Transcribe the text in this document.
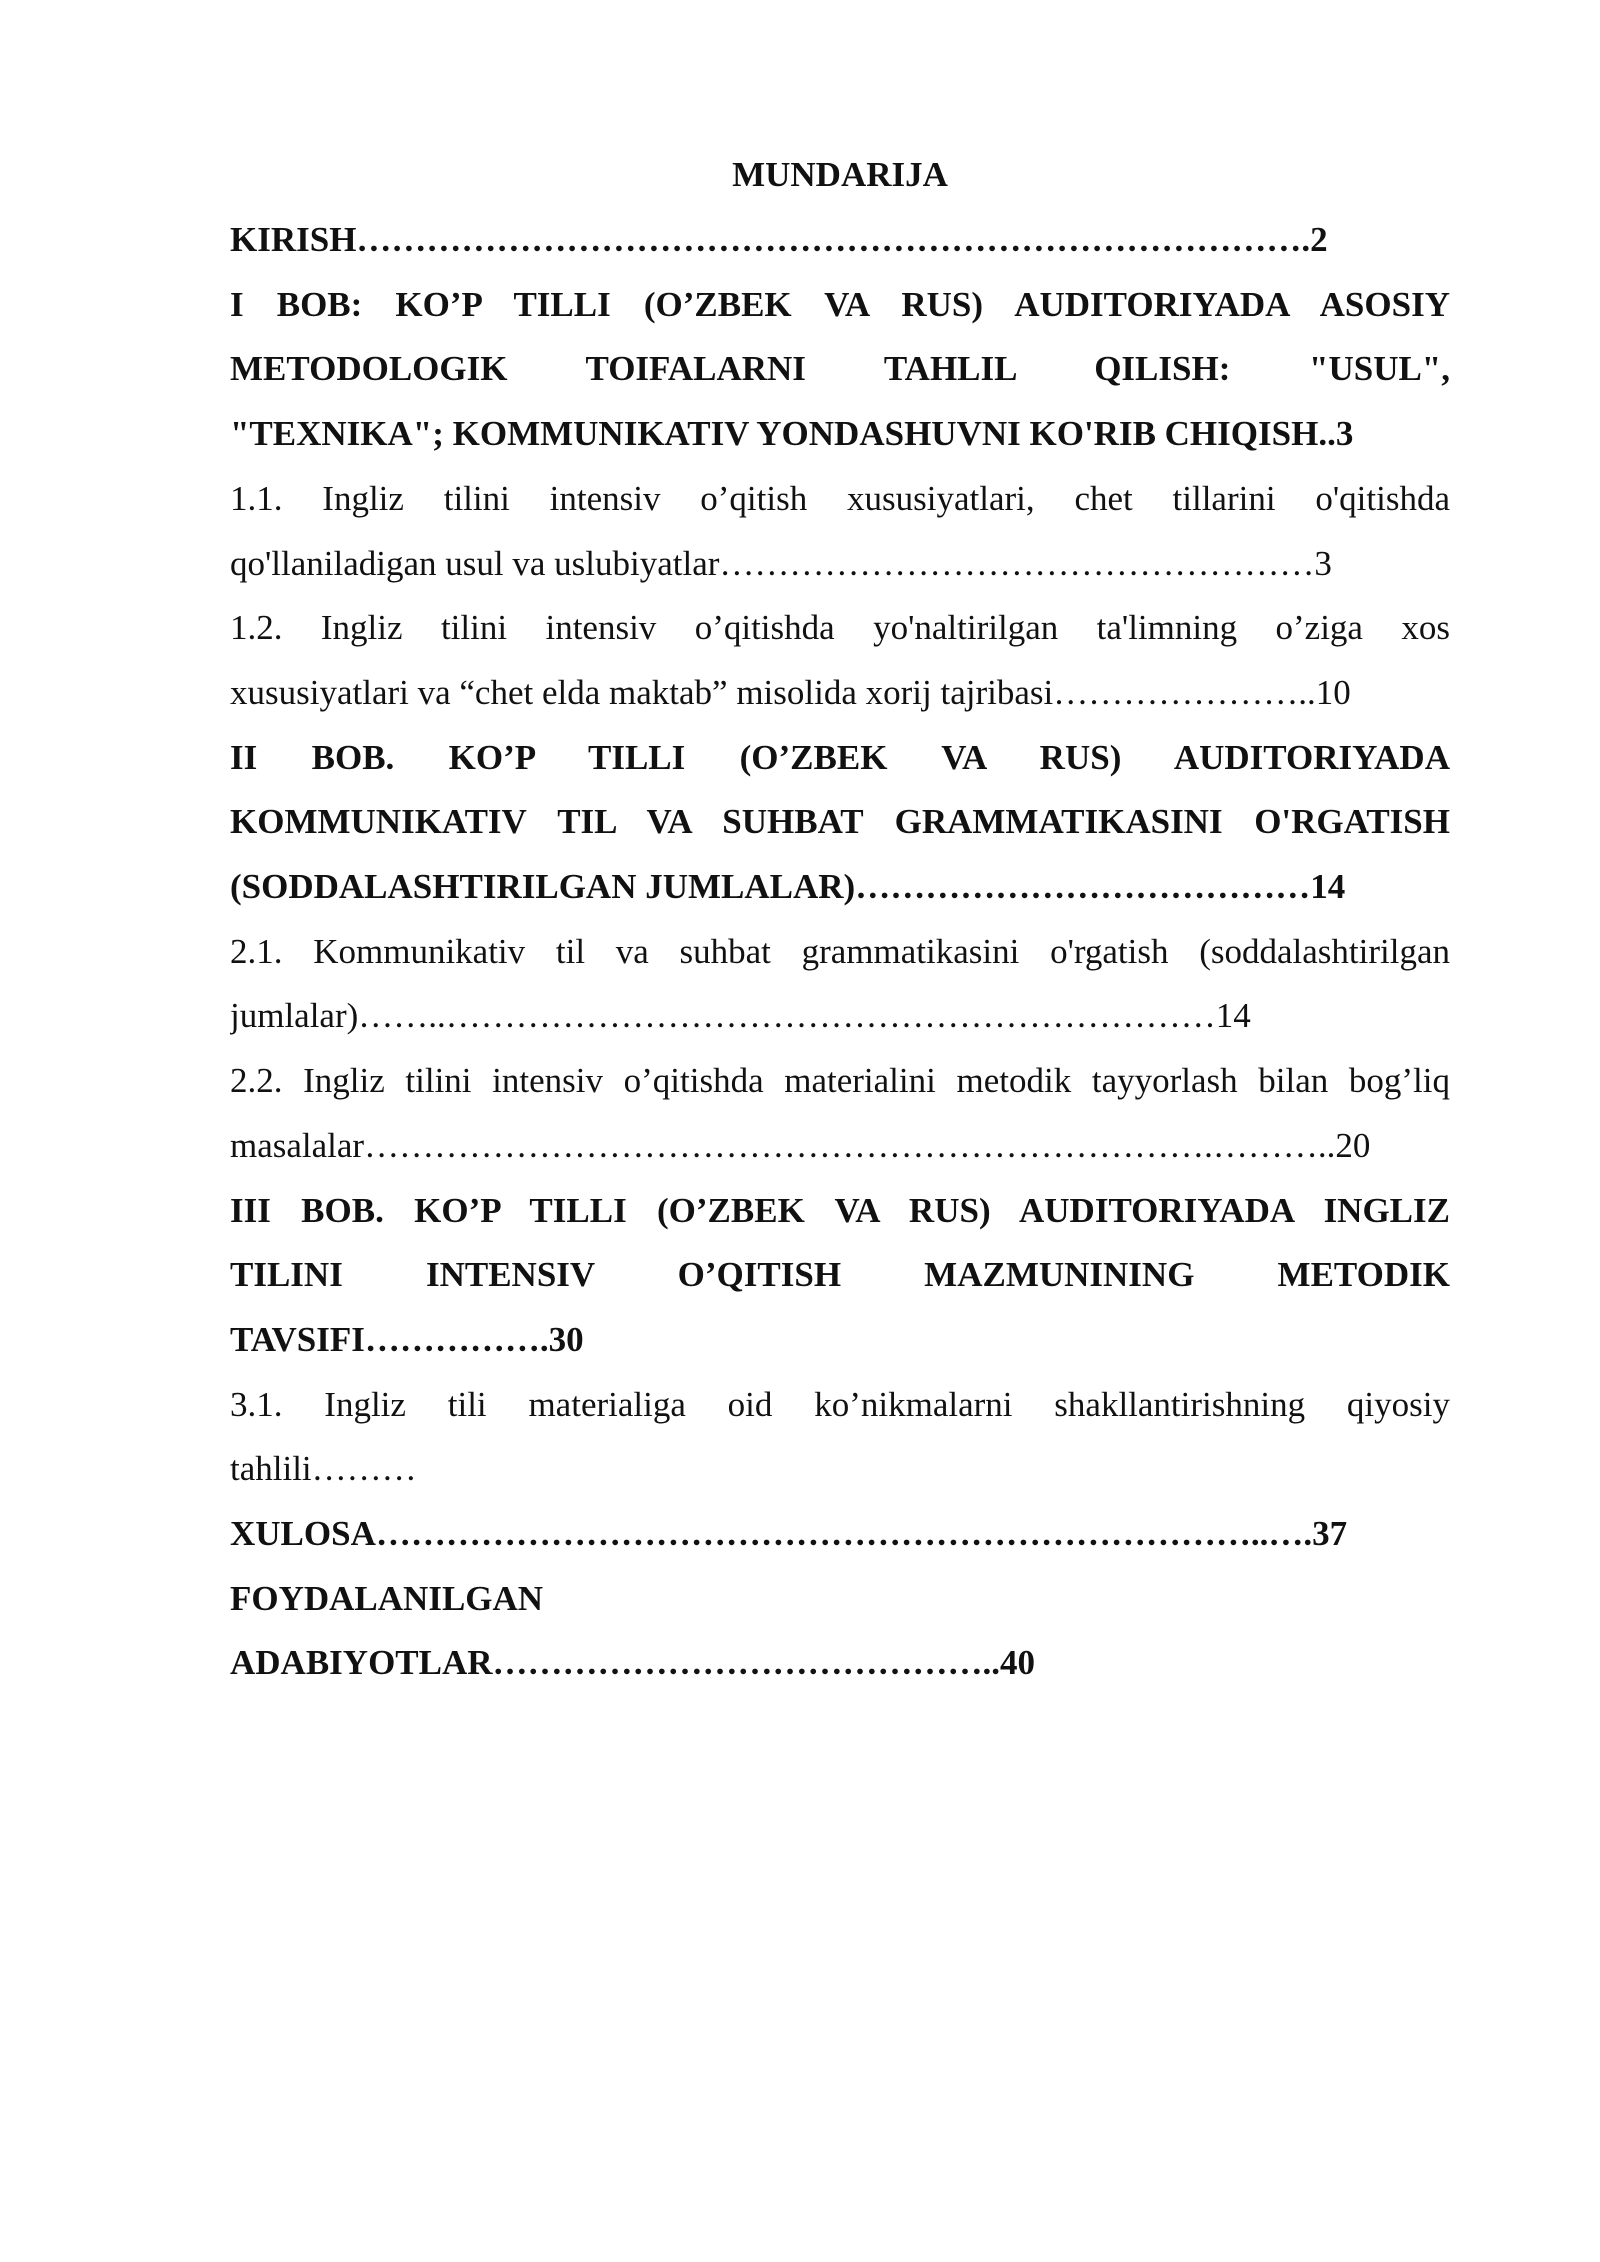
MUNDARIJA
KIRISH……………………………………………………………………….2
I BOB: KO’P TILLI (O’ZBEK VA RUS) AUDITORIYADA ASOSIY
METODOLOGIK TOIFALARNI TAHLIL QILISH: "USUL",
"TEXNIKA"; KOMMUNIKATIV YONDASHUVNI KO'RIB CHIQISH..3
1.1. Ingliz tilini intensiv o’qitish xususiyatlari, chet tillarini o'qitishda
qo'llaniladigan usul va uslubiyatlar……………………………………………3
1.2. Ingliz tilini intensiv o’qitishda yo'naltirilgan ta'limning o’ziga xos
xususiyatlari va “chet elda maktab” misolida xorij tajribasi…………………..10
II BOB. KO’P TILLI (O’ZBEK VA RUS) AUDITORIYADA
KOMMUNIKATIV TIL VA SUHBAT GRAMMATIKASINI O'RGATISH
(SODDALASHTIRILGAN JUMLALAR)…………………………………14
2.1. Kommunikativ til va suhbat grammatikasini o'rgatish (soddalashtirilgan
jumlalar)……..…………………………………………………………14
2.2. Ingliz tilini intensiv o’qitishda materialini metodik tayyorlash bilan bog’liq
masalalar……………………………………………………………….………..20
III BOB. KO’P TILLI (O’ZBEK VA RUS) AUDITORIYADA INGLIZ
TILINI INTENSIV O’QITISH MAZMUNINING METODIK
TAVSIFI…………….30
3.1. Ingliz tili materialiga oid ko’nikmalarni shakllantirishning qiyosiy
tahlili………
XULOSA…………………………………………………………………..….37
FOYDALANILGAN
ADABIYOTLAR……………………………………..40
